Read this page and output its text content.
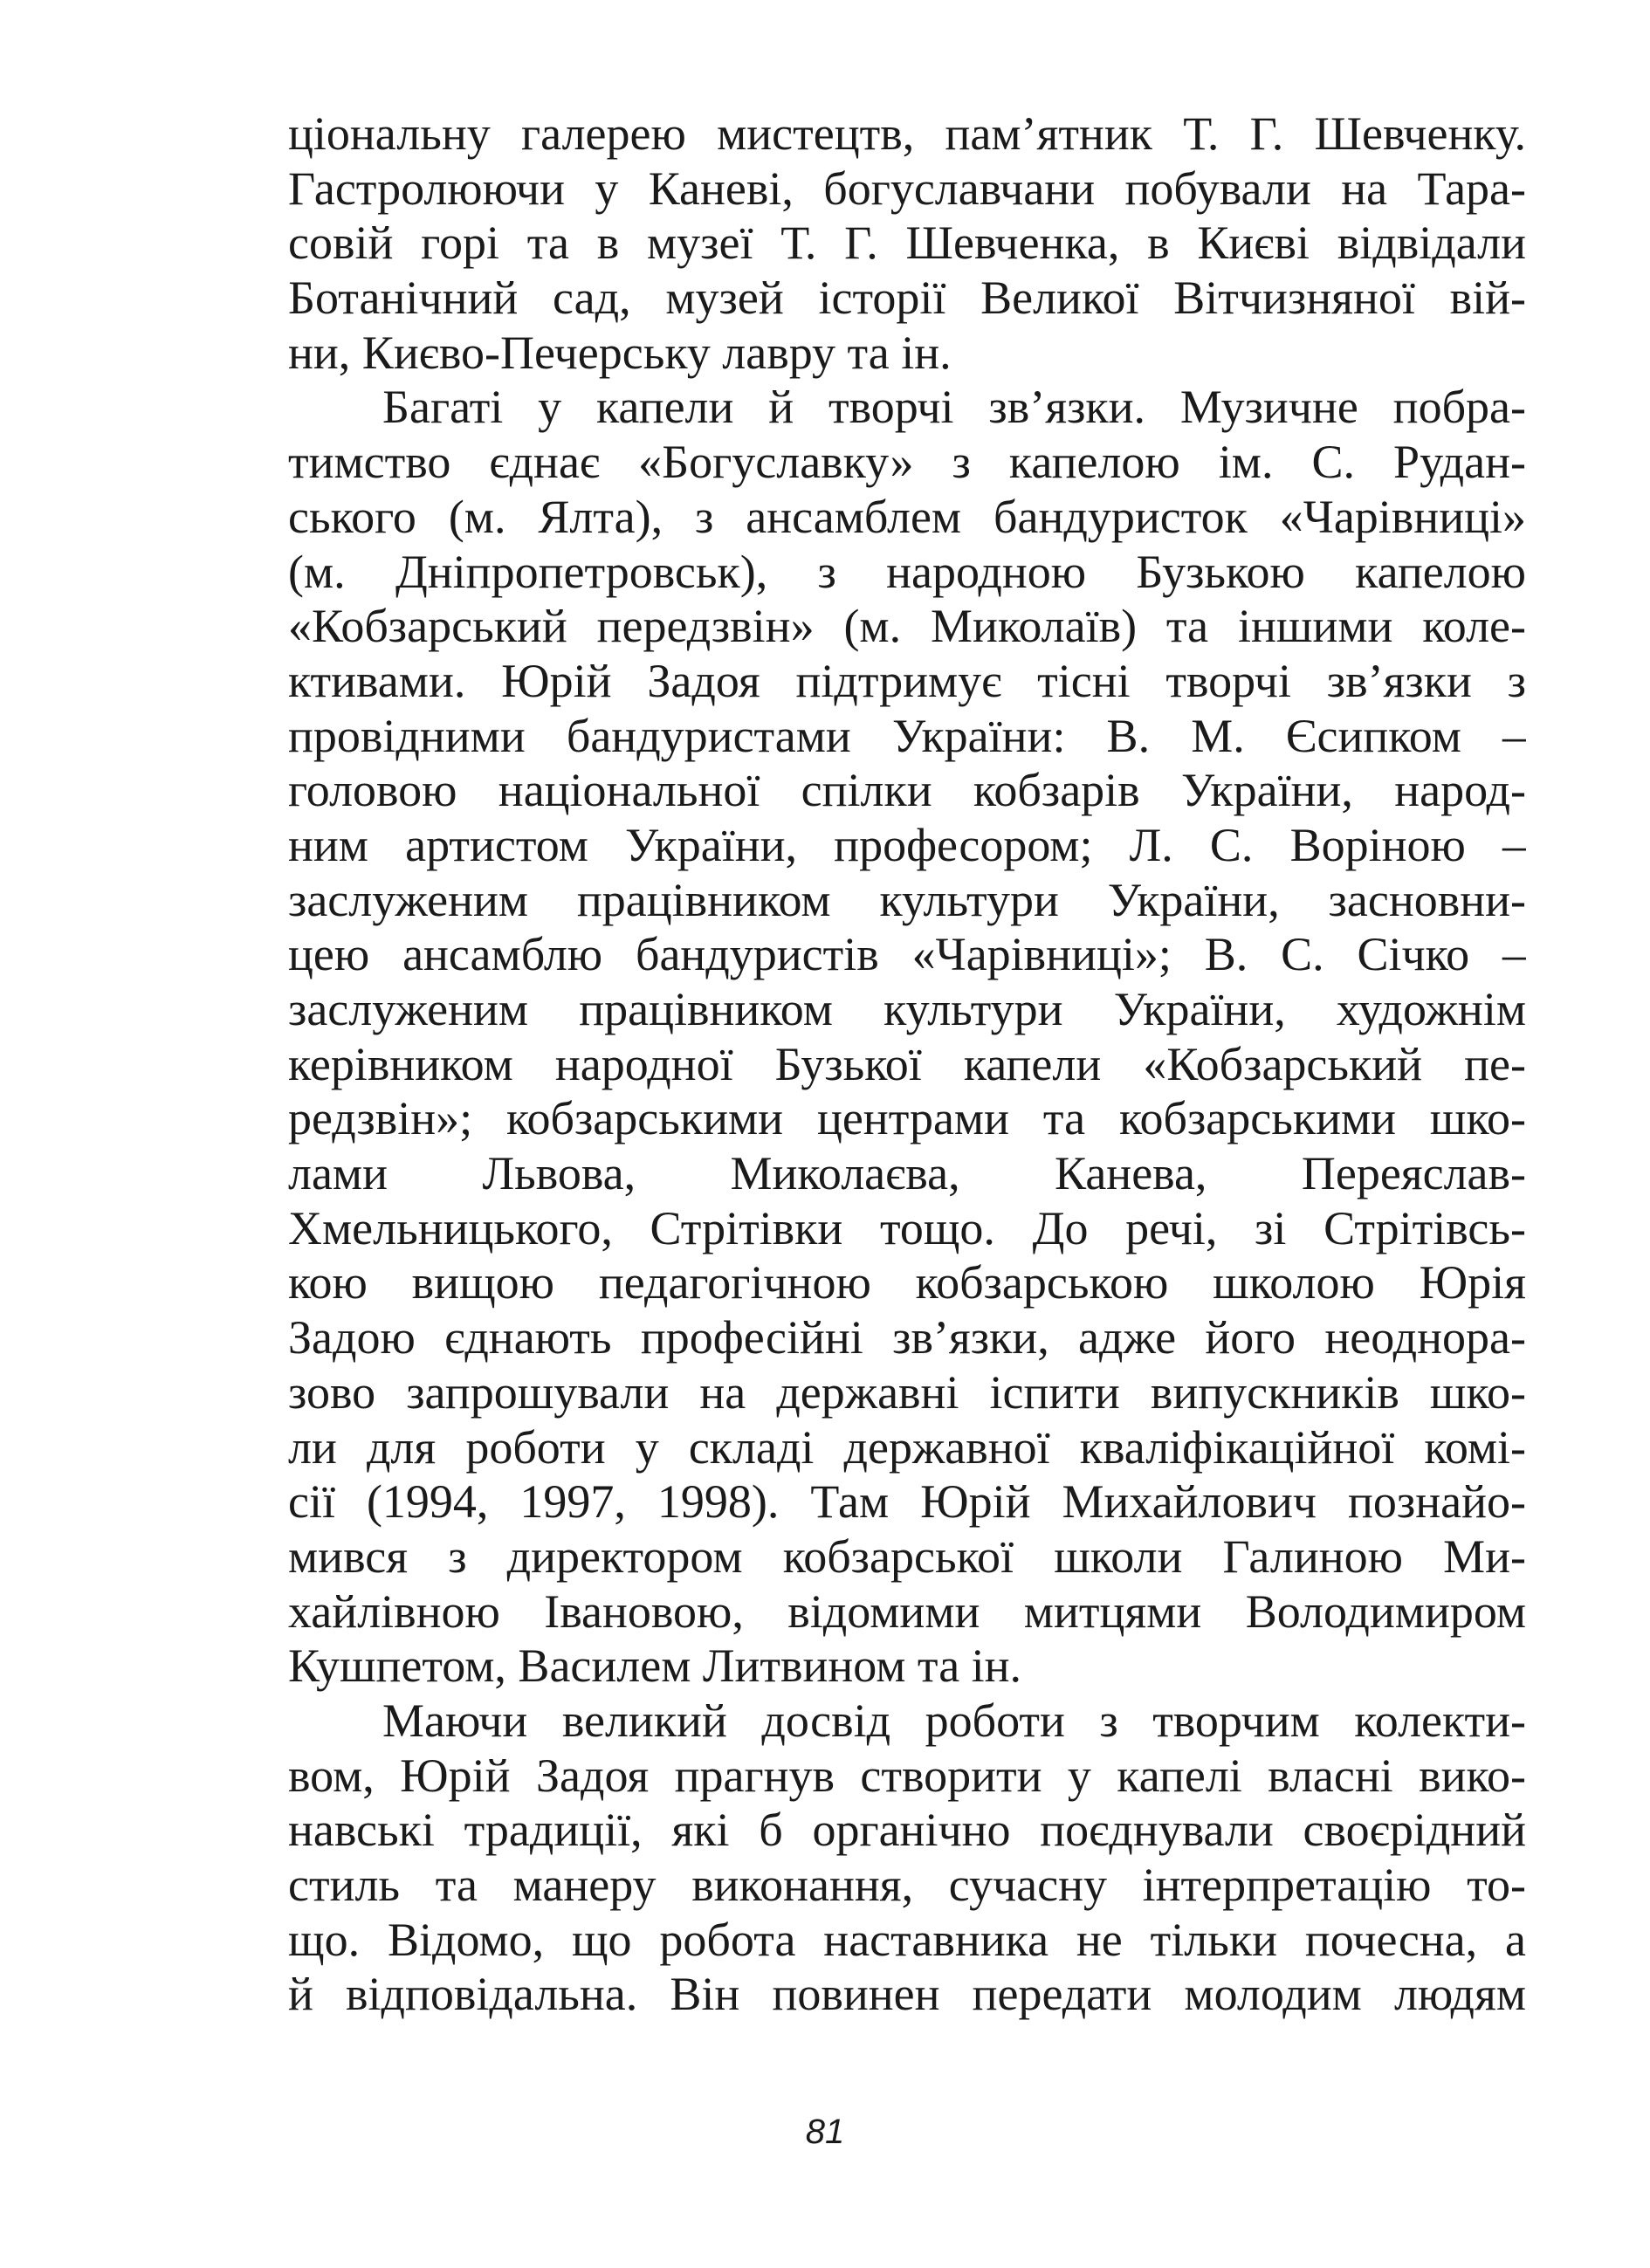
ціональну галерею мистецтв, пам’ятник Т. Г. Шевченку.
Гастролюючи у Каневі, богуславчани побували на Тара-
совій горі та в музеї Т. Г. Шевченка, в Києві відвідали
Ботанічний сад, музей історії Великої Вітчизняної вій-
ни, Києво-Печерську лавру та ін.
Багаті у капели й творчі зв’язки. Музичне побра-
тимство єднає «Богуславку» з капелою ім. С. Рудан-
ського (м. Ялта), з ансамблем бандуристок «Чарівниці»
(м. Дніпропетровськ), з народною Бузькою капелою
«Кобзарський передзвін» (м. Миколаїв) та іншими коле-
ктивами. Юрій Задоя підтримує тісні творчі зв’язки з
провідними бандуристами України: В. М. Єсипком –
головою національної спілки кобзарів України, народ-
ним артистом України, професором; Л. С. Воріною –
заслуженим працівником культури України, засновни-
цею ансамблю бандуристів «Чарівниці»; В. С. Січко –
заслуженим працівником культури України, художнім
керівником народної Бузької капели «Кобзарський пе-
редзвін»; кобзарськими центрами та кобзарськими шко-
лами Львова, Миколаєва, Канева, Переяслав-
Хмельницького, Стрітівки тощо. До речі, зі Стрітівсь-
кою вищою педагогічною кобзарською школою Юрія
Задою єднають професійні зв’язки, адже його неоднора-
зово запрошували на державні іспити випускників шко-
ли для роботи у складі державної кваліфікаційної комі-
сії (1994, 1997, 1998). Там Юрій Михайлович познайо-
мився з директором кобзарської школи Галиною Ми-
хайлівною Івановою, відомими митцями Володимиром
Кушпетом, Василем Литвином та ін.
Маючи великий досвід роботи з творчим колекти-
вом, Юрій Задоя прагнув створити у капелі власні вико-
навські традиції, які б органічно поєднували своєрідний
стиль та манеру виконання, сучасну інтерпретацію то-
що. Відомо, що робота наставника не тільки почесна, а
й відповідальна. Він повинен передати молодим людям
81
